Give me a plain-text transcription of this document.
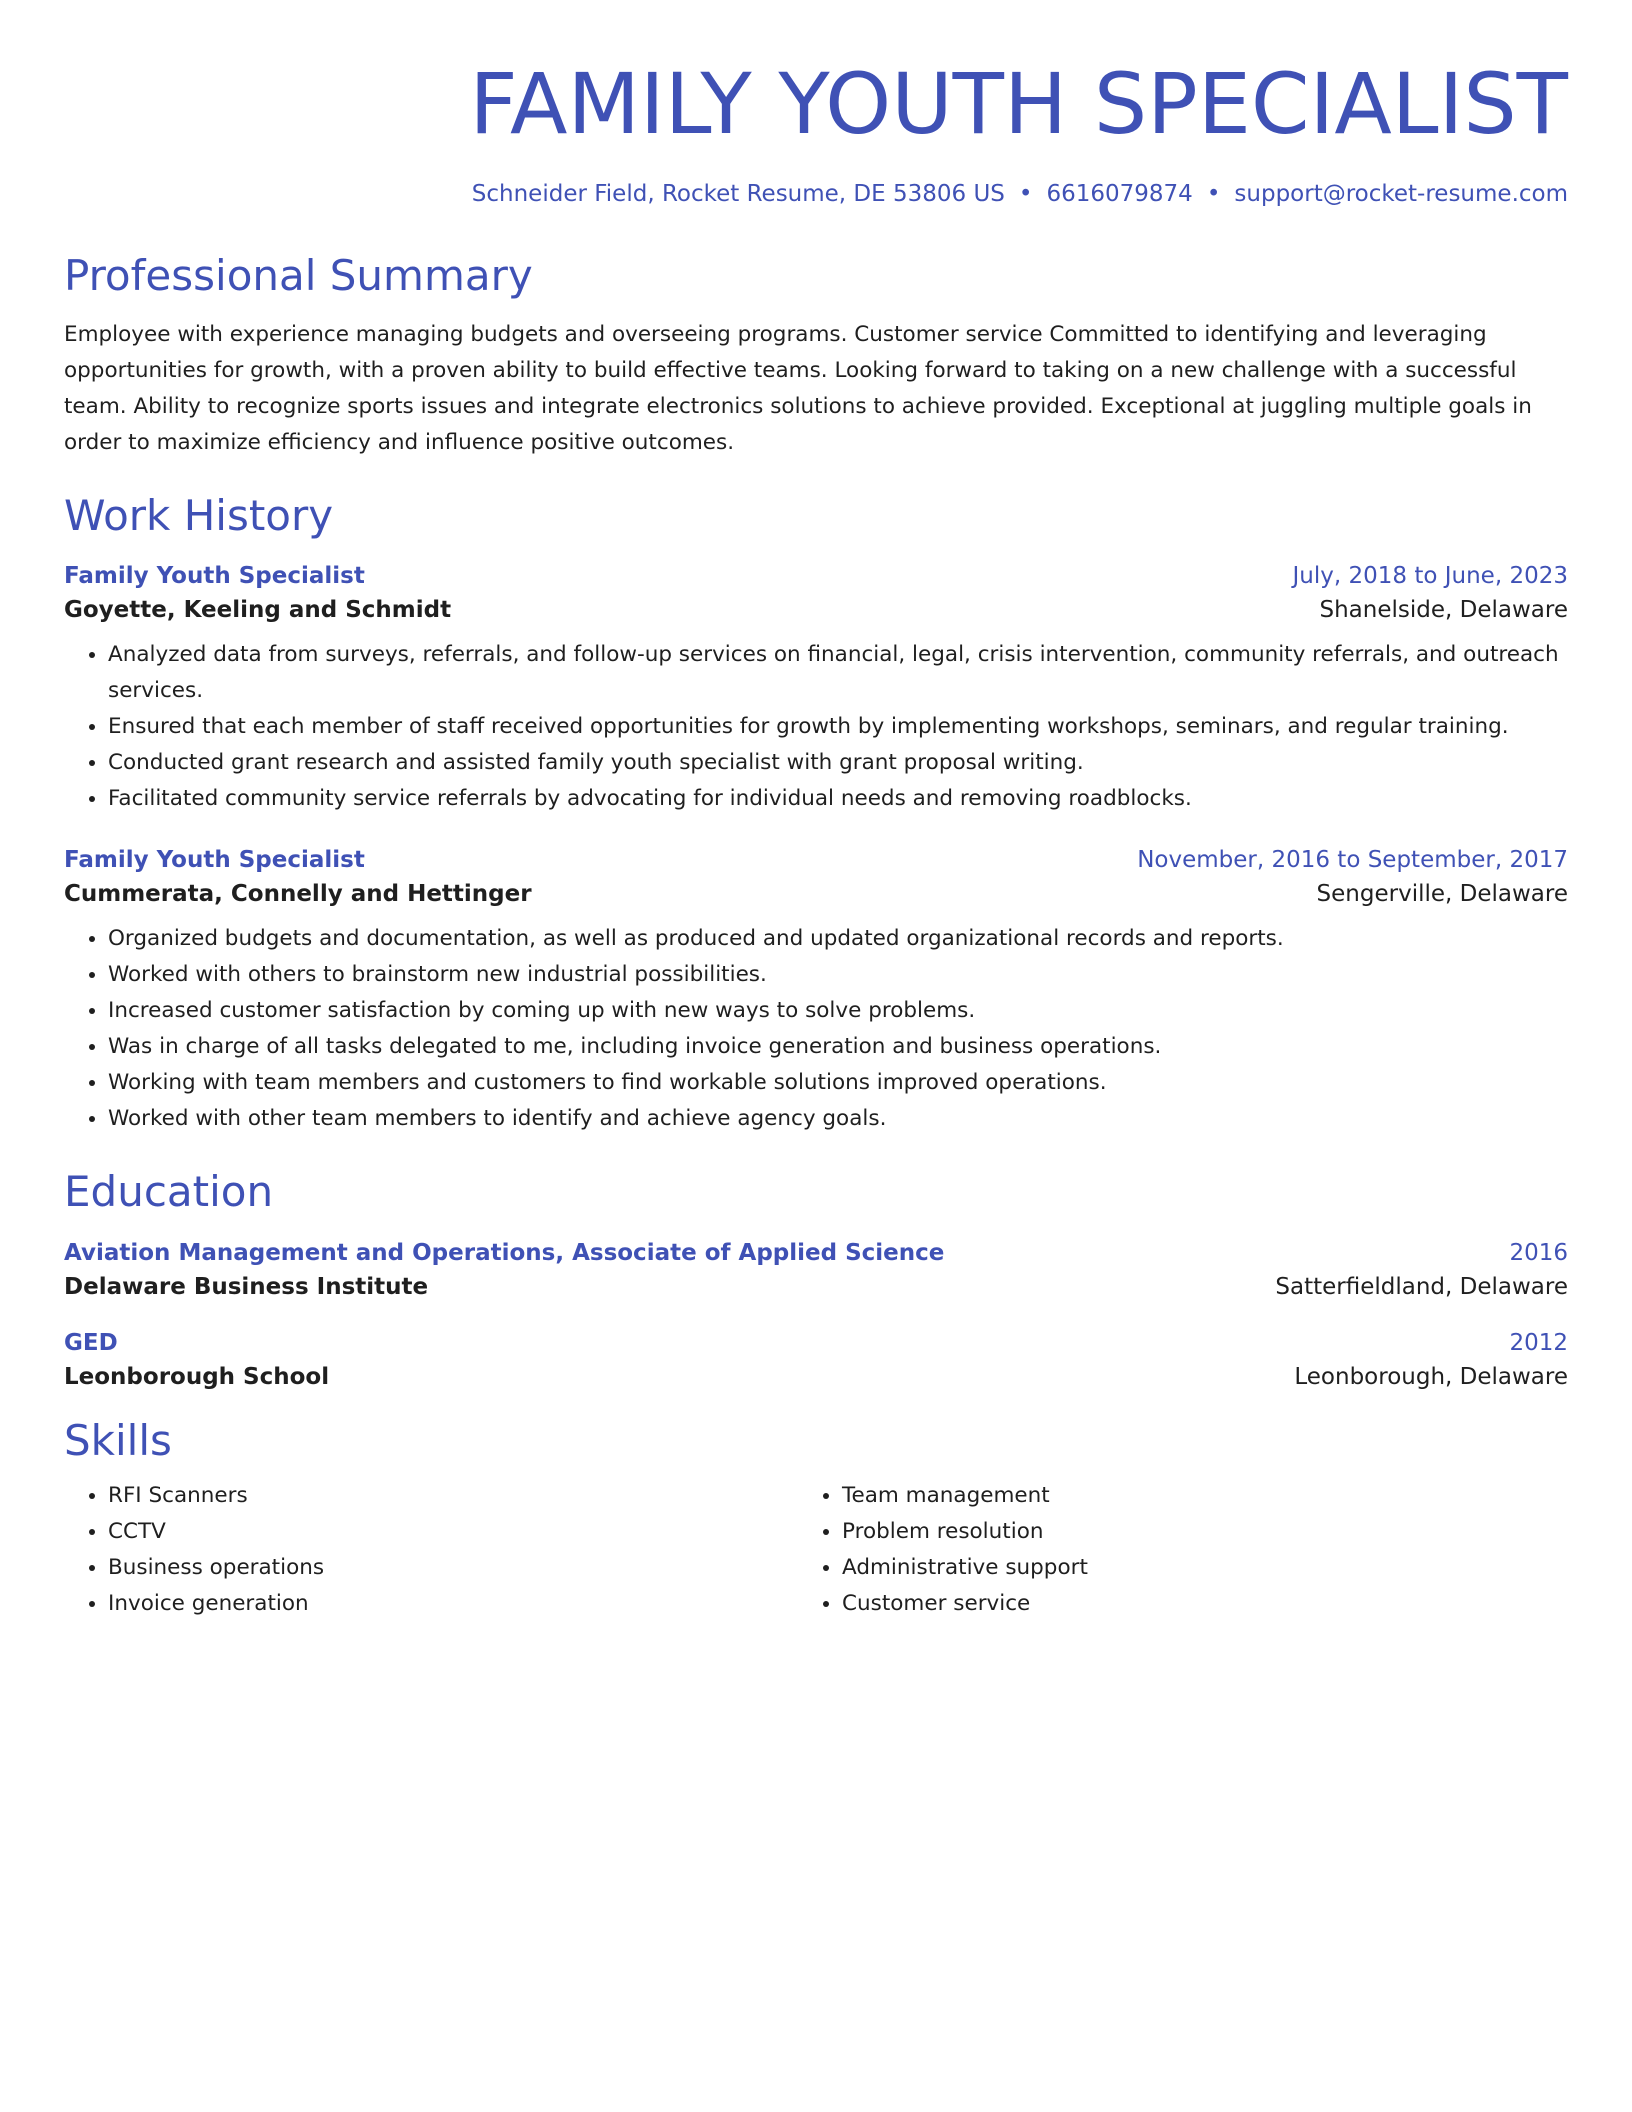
FAMILY YOUTH SPECIALIST
Schneider Field, Rocket Resume, DE 53806 US • 6616079874 • support@rocket-resume.com
Professional Summary

Employee with experience managing budgets and overseeing programs. Customer service Committed to identifying and leveraging opportunities for growth, with a proven ability to build effective teams. Looking forward to taking on a new challenge with a successful team. Ability to recognize sports issues and integrate electronics solutions to achieve provided. Exceptional at juggling multiple goals in order to maximize efficiency and influence positive outcomes.

Work History
Family Youth Specialist	July, 2018 to June, 2023
Goyette, Keeling and Schmidt	Shanelside, Delaware
• Analyzed data from surveys, referrals, and follow-up services on financial, legal, crisis intervention, community referrals, and outreach services.
• Ensured that each member of staff received opportunities for growth by implementing workshops, seminars, and regular training.
• Conducted grant research and assisted family youth specialist with grant proposal writing.
• Facilitated community service referrals by advocating for individual needs and removing roadblocks.
Family Youth Specialist	November, 2016 to September, 2017
Cummerata, Connelly and Hettinger	Sengerville, Delaware
• Organized budgets and documentation, as well as produced and updated organizational records and reports.
• Worked with others to brainstorm new industrial possibilities.
• Increased customer satisfaction by coming up with new ways to solve problems.
• Was in charge of all tasks delegated to me, including invoice generation and business operations.
• Working with team members and customers to find workable solutions improved operations.
• Worked with other team members to identify and achieve agency goals.
Education
Aviation Management and Operations, Associate of Applied Science	2016
Delaware Business Institute	Satterfieldland, Delaware
GED	2012
Leonborough School	Leonborough, Delaware
Skills
• RFI Scanners
• CCTV
• Business operations
• Invoice generation
• Team management
• Problem resolution
• Administrative support
• Customer service
